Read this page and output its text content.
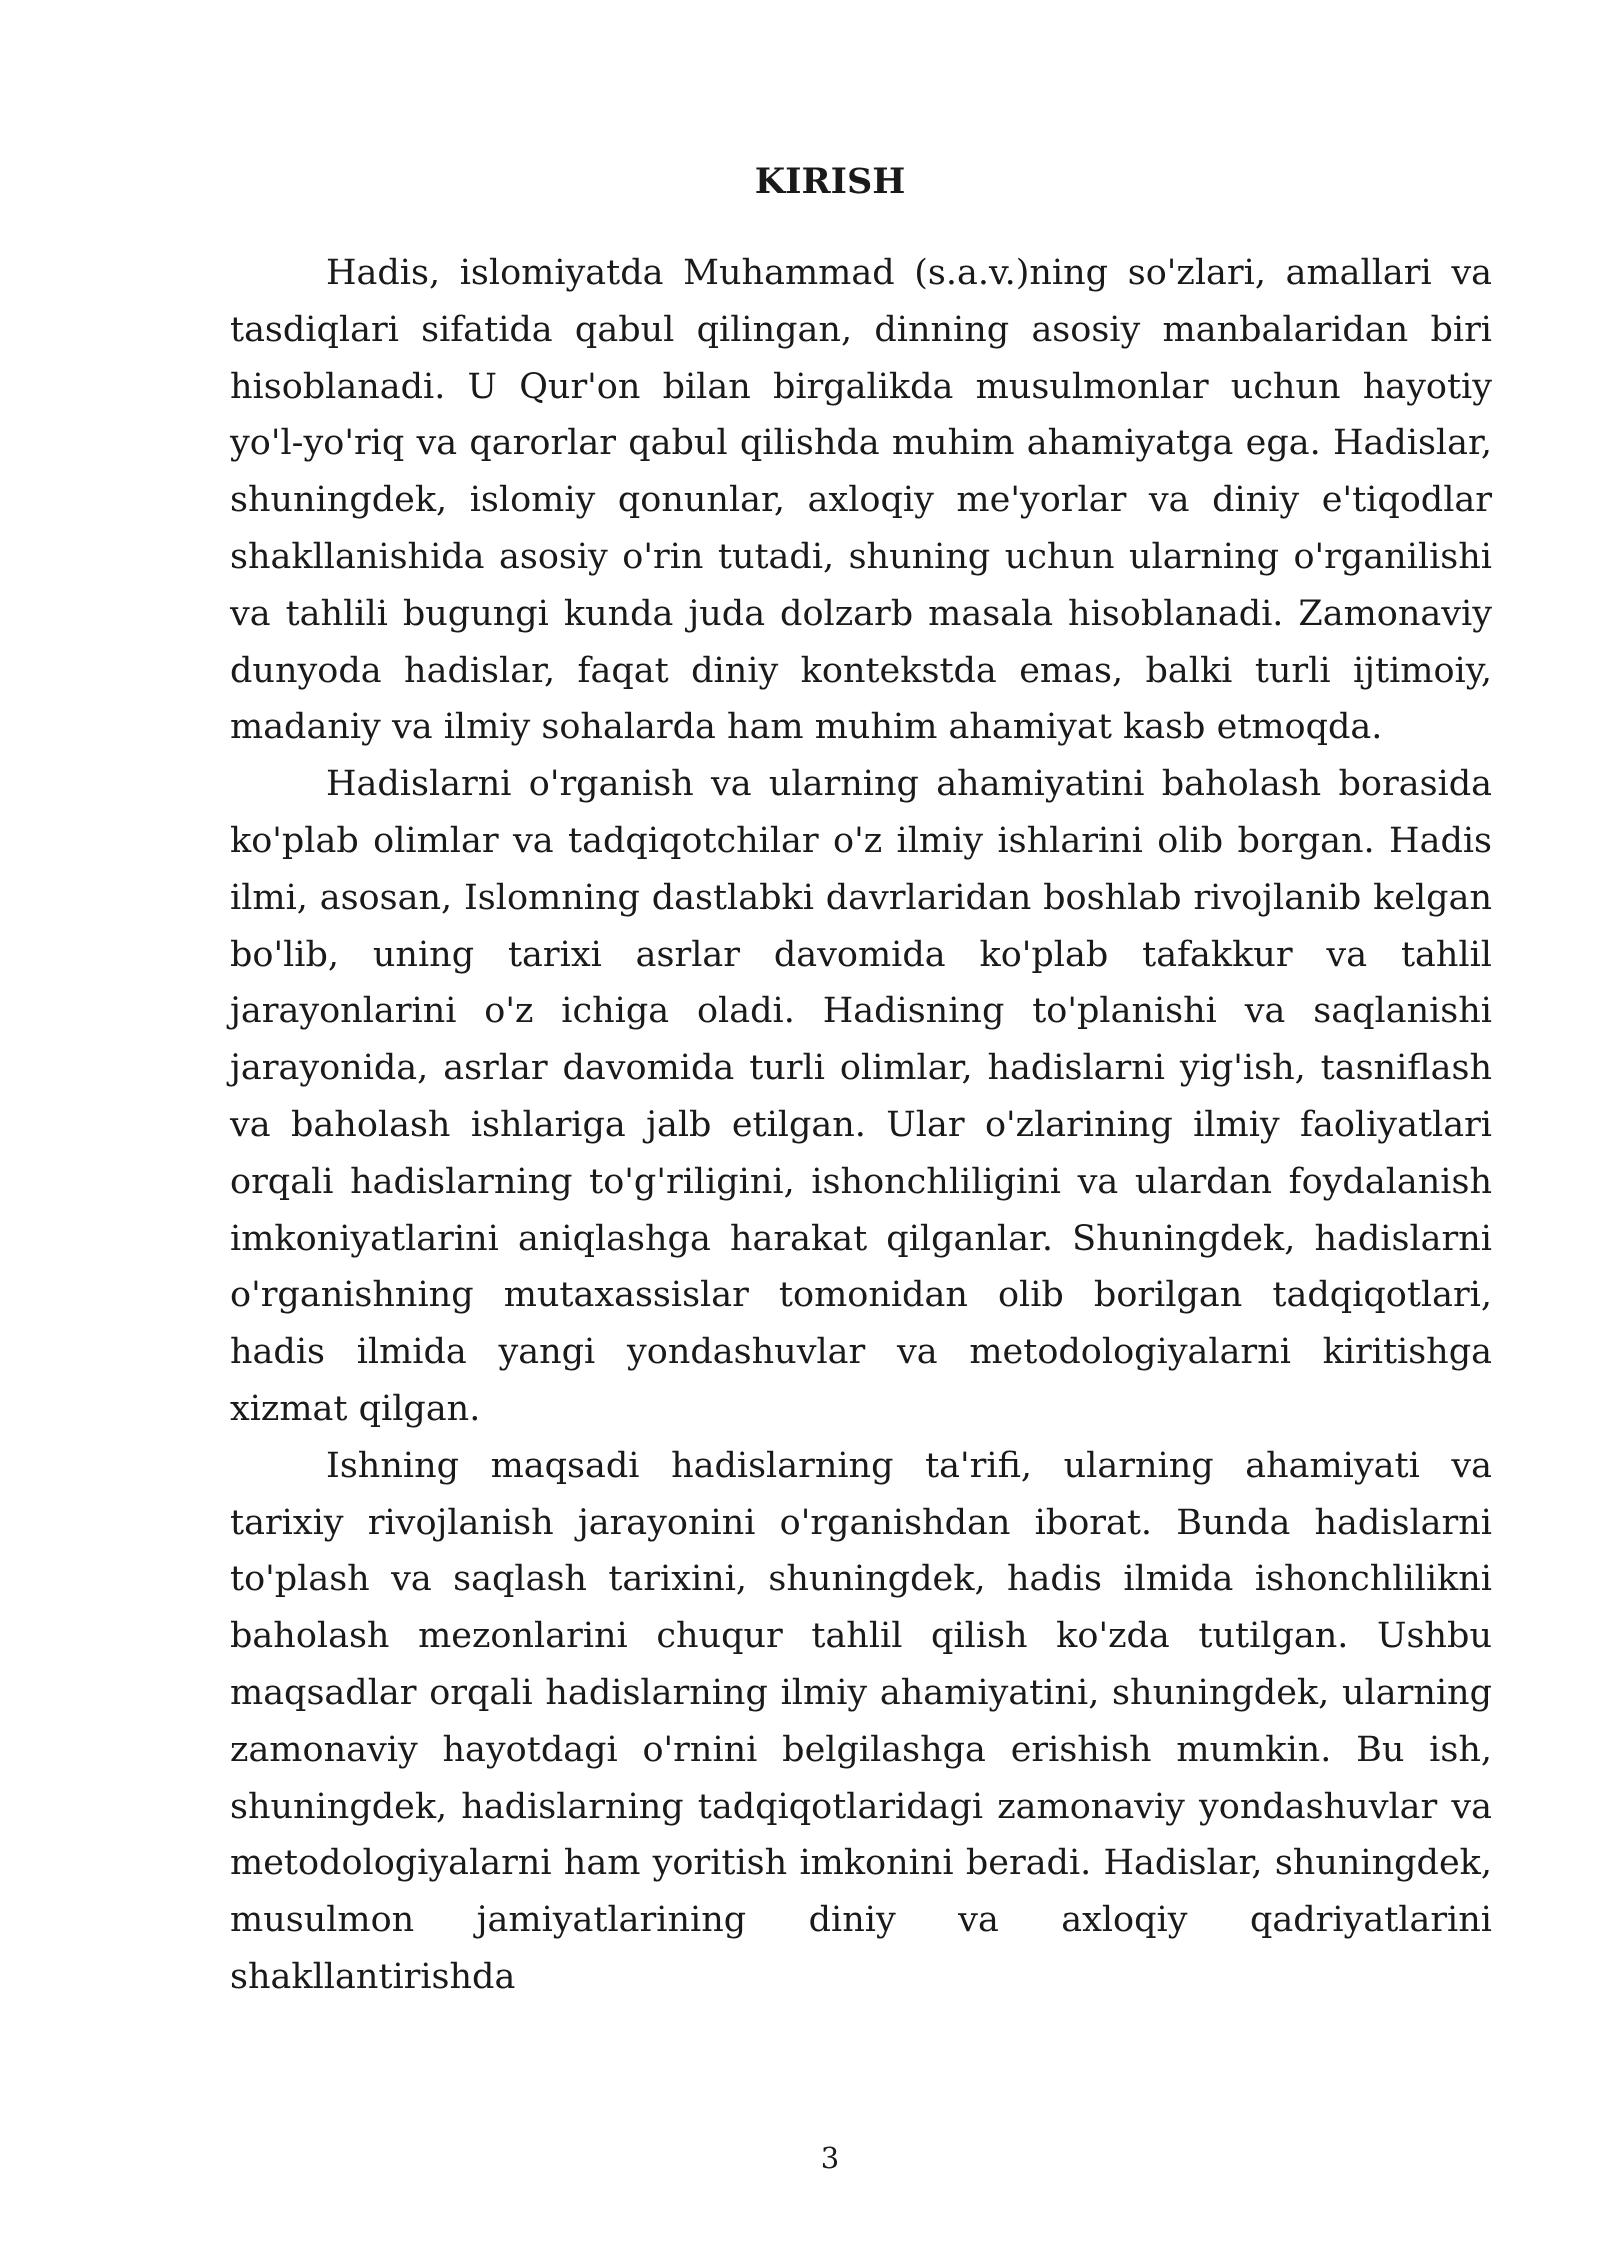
KIRISH

Hadis, islomiyatda Muhammad (s.a.v.)ning so'zlari, amallari va tasdiqlari sifatida qabul qilingan, dinning asosiy manbalaridan biri hisoblanadi. U Qur'on bilan birgalikda musulmonlar uchun hayotiy yo'l-yo'riq va qarorlar qabul qilishda muhim ahamiyatga ega. Hadislar, shuningdek, islomiy qonunlar, axloqiy me'yorlar va diniy e'tiqodlar shakllanishida asosiy o'rin tutadi, shuning uchun ularning o'rganilishi va tahlili bugungi kunda juda dolzarb masala hisoblanadi. Zamonaviy dunyoda hadislar, faqat diniy kontekstda emas, balki turli ijtimoiy, madaniy va ilmiy sohalarda ham muhim ahamiyat kasb etmoqda.

Hadislarni o'rganish va ularning ahamiyatini baholash borasida ko'plab olimlar va tadqiqotchilar o'z ilmiy ishlarini olib borgan. Hadis ilmi, asosan, Islomning dastlabki davrlaridan boshlab rivojlanib kelgan bo'lib, uning tarixi asrlar davomida ko'plab tafakkur va tahlil jarayonlarini o'z ichiga oladi. Hadisning to'planishi va saqlanishi jarayonida, asrlar davomida turli olimlar, hadislarni yig'ish, tasniflash va baholash ishlariga jalb etilgan. Ular o'zlarining ilmiy faoliyatlari orqali hadislarning to'g'riligini, ishonchliligini va ulardan foydalanish imkoniyatlarini aniqlashga harakat qilganlar. Shuningdek, hadislarni o'rganishning mutaxassislar tomonidan olib borilgan tadqiqotlari, hadis ilmida yangi yondashuvlar va metodologiyalarni kiritishga xizmat qilgan.

Ishning maqsadi hadislarning ta'rifi, ularning ahamiyati va tarixiy rivojlanish jarayonini o'rganishdan iborat. Bunda hadislarni to'plash va saqlash tarixini, shuningdek, hadis ilmida ishonchlilikni baholash mezonlarini chuqur tahlil qilish ko'zda tutilgan. Ushbu maqsadlar orqali hadislarning ilmiy ahamiyatini, shuningdek, ularning zamonaviy hayotdagi o'rnini belgilashga erishish mumkin. Bu ish, shuningdek, hadislarning tadqiqotlaridagi zamonaviy yondashuvlar va metodologiyalarni ham yoritish imkonini beradi. Hadislar, shuningdek, musulmon jamiyatlarining diniy va axloqiy qadriyatlarini shakllantirishda

3
